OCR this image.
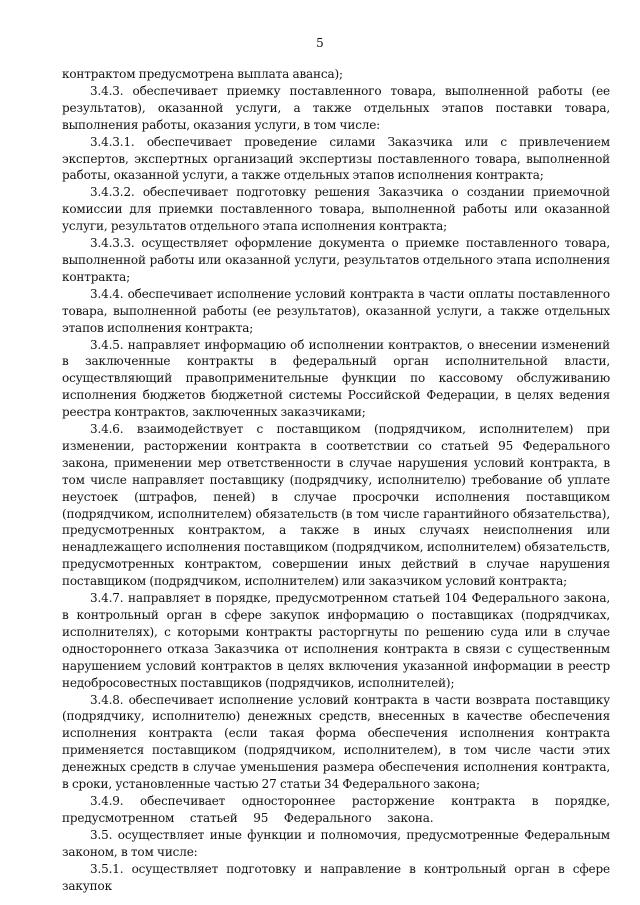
5

контрактом предусмотрена выплата аванса);

3.4.3. обеспечивает приемку поставленного товара, выполненной работы (ее результатов), оказанной услуги, а также отдельных этапов поставки товара, выполнения работы, оказания услуги, в том числе:

3.4.3.1. обеспечивает проведение силами Заказчика или с привлечением экспертов, экспертных организаций экспертизы поставленного товара, выполненной работы, оказанной услуги, а также отдельных этапов исполнения контракта;

3.4.3.2. обеспечивает подготовку решения Заказчика о создании приемочной комиссии для приемки поставленного товара, выполненной работы или оказанной услуги, результатов отдельного этапа исполнения контракта;

3.4.3.3. осуществляет оформление документа о приемке поставленного товара, выполненной работы или оказанной услуги, результатов отдельного этапа исполнения контракта;

3.4.4. обеспечивает исполнение условий контракта в части оплаты поставленного товара, выполненной работы (ее результатов), оказанной услуги, а также отдельных этапов исполнения контракта;

3.4.5. направляет информацию об исполнении контрактов, о внесении изменений в заключенные контракты в федеральный орган исполнительной власти, осуществляющий правоприменительные функции по кассовому обслуживанию исполнения бюджетов бюджетной системы Российской Федерации, в целях ведения реестра контрактов, заключенных заказчиками;

3.4.6. взаимодействует с поставщиком (подрядчиком, исполнителем) при изменении, расторжении контракта в соответствии со статьей 95 Федерального закона, применении мер ответственности в случае нарушения условий контракта, в том числе направляет поставщику (подрядчику, исполнителю) требование об уплате неустоек (штрафов, пеней) в случае просрочки исполнения поставщиком (подрядчиком, исполнителем) обязательств (в том числе гарантийного обязательства), предусмотренных контрактом, а также в иных случаях неисполнения или ненадлежащего исполнения поставщиком (подрядчиком, исполнителем) обязательств, предусмотренных контрактом, совершении иных действий в случае нарушения поставщиком (подрядчиком, исполнителем) или заказчиком условий контракта;

3.4.7. направляет в порядке, предусмотренном статьей 104 Федерального закона, в контрольный орган в сфере закупок информацию о поставщиках (подрядчиках, исполнителях), с которыми контракты расторгнуты по решению суда или в случае одностороннего отказа Заказчика от исполнения контракта в связи с существенным нарушением условий контрактов в целях включения указанной информации в реестр недобросовестных поставщиков (подрядчиков, исполнителей);

3.4.8. обеспечивает исполнение условий контракта в части возврата поставщику (подрядчику, исполнителю) денежных средств, внесенных в качестве обеспечения исполнения контракта (если такая форма обеспечения исполнения контракта применяется поставщиком (подрядчиком, исполнителем), в том числе части этих денежных средств в случае уменьшения размера обеспечения исполнения контракта, в сроки, установленные частью 27 статьи 34 Федерального закона;

3.4.9. обеспечивает одностороннее расторжение контракта в порядке, предусмотренном статьей 95 Федерального закона.

3.5. осуществляет иные функции и полномочия, предусмотренные Федеральным законом, в том числе:

3.5.1. осуществляет подготовку и направление в контрольный орган в сфере закупок
